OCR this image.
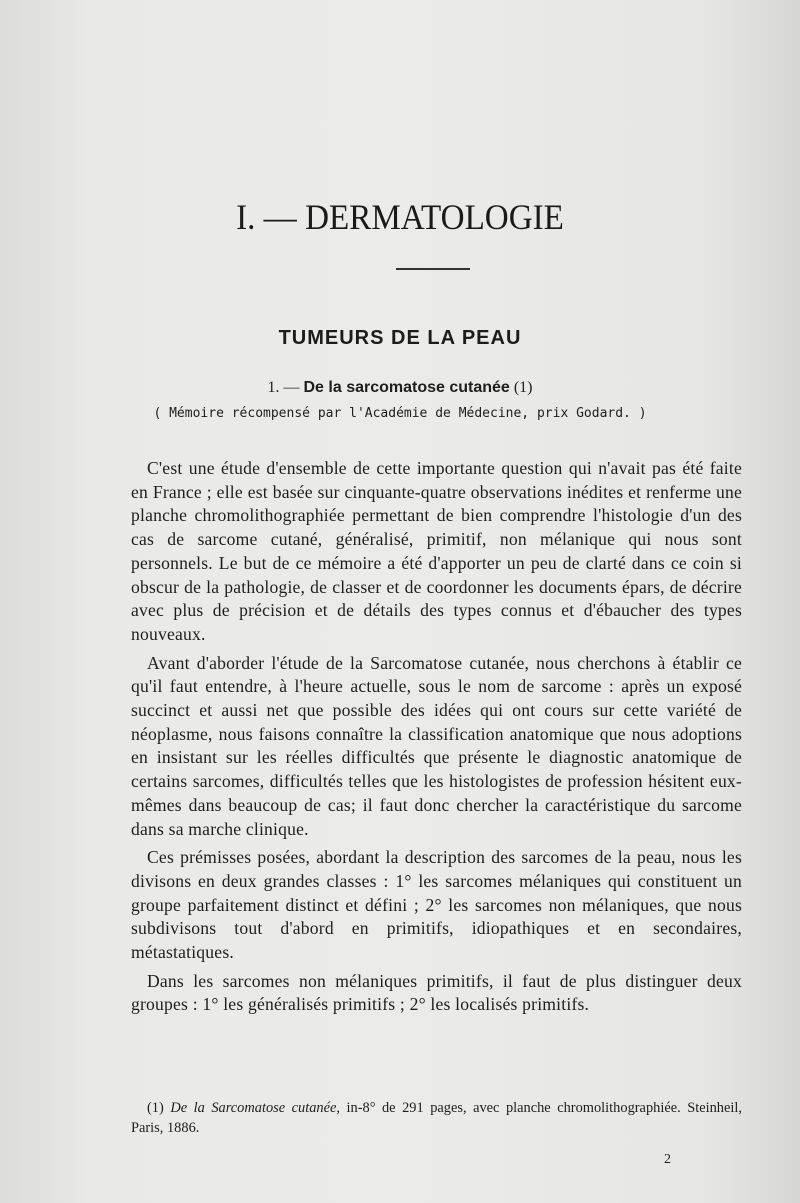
I. — DERMATOLOGIE
TUMEURS DE LA PEAU
1. — De la sarcomatose cutanée (1)
( Mémoire récompensé par l'Académie de Médecine, prix Godard. )

C'est une étude d'ensemble de cette importante question qui n'avait pas été faite en France ; elle est basée sur cinquante-quatre observations inédites et renferme une planche chromolithographiée permettant de bien comprendre l'histologie d'un des cas de sarcome cutané, généralisé, primitif, non mélanique qui nous sont personnels. Le but de ce mémoire a été d'apporter un peu de clarté dans ce coin si obscur de la pathologie, de classer et de coordonner les documents épars, de décrire avec plus de précision et de détails des types connus et d'ébaucher des types nouveaux.

Avant d'aborder l'étude de la Sarcomatose cutanée, nous cherchons à établir ce qu'il faut entendre, à l'heure actuelle, sous le nom de sarcome : après un exposé succinct et aussi net que possible des idées qui ont cours sur cette variété de néoplasme, nous faisons connaître la classification anatomique que nous adoptions en insistant sur les réelles difficultés que présente le diagnostic anatomique de certains sarcomes, difficultés telles que les histologistes de profession hésitent eux-mêmes dans beaucoup de cas; il faut donc chercher la caractéristique du sarcome dans sa marche clinique.

Ces prémisses posées, abordant la description des sarcomes de la peau, nous les divisons en deux grandes classes : 1° les sarcomes mélaniques qui constituent un groupe parfaitement distinct et défini ; 2° les sarcomes non mélaniques, que nous subdivisons tout d'abord en primitifs, idiopathiques et en secondaires, métastatiques.

Dans les sarcomes non mélaniques primitifs, il faut de plus distinguer deux groupes : 1° les généralisés primitifs ; 2° les localisés primitifs.

(1) De la Sarcomatose cutanée, in-8° de 291 pages, avec planche chromolithographiée. Steinheil, Paris, 1886.
2
